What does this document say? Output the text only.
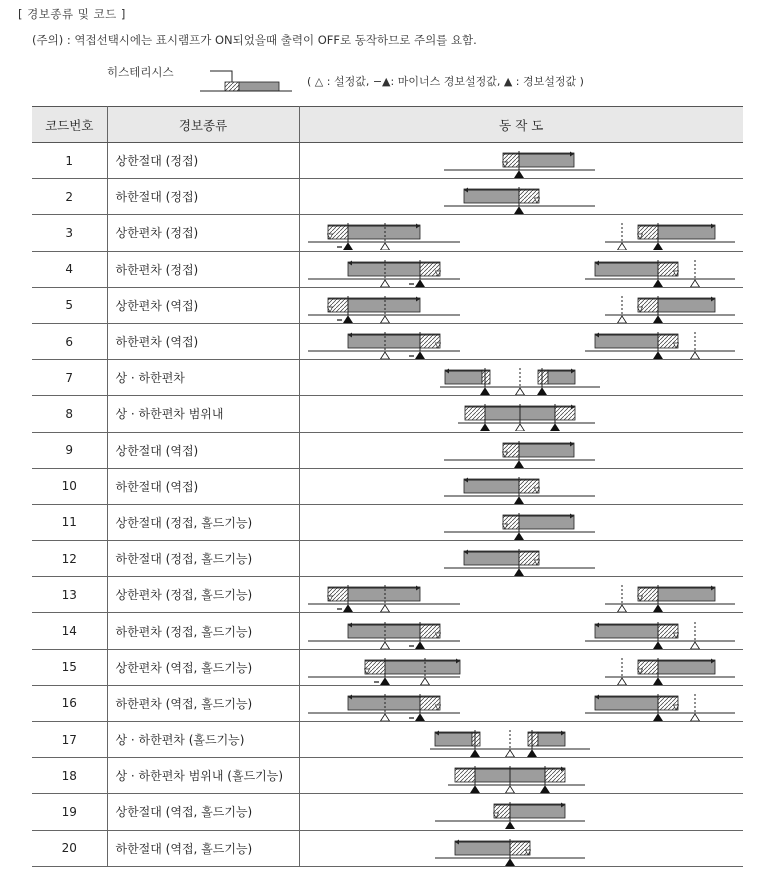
[ 경보종류 및 코드 ]
(주의) : 역접선택시에는 표시램프가 ON되었을때 출력이 OFF로 동작하므로 주의를 요함.
히스테리시스
( △ : 설정값, −▲: 마이너스 경보설정값, ▲ : 경보설정값 )
코드번호	경보종류	동 작 도
1	상한절대 (정접)	

2	하한절대 (정접)	

3	상한편차 (정접)	

4	하한편차 (정접)	

5	상한편차 (역접)	

6	하한편차 (역접)	

7	상 · 하한편차	

8	상 · 하한편차 범위내	

9	상한절대 (역접)	

10	하한절대 (역접)	

11	상한절대 (정접, 홀드기능)	

12	하한절대 (정접, 홀드기능)	

13	상한편차 (정접, 홀드기능)	

14	하한편차 (정접, 홀드기능)	

15	상한편차 (역접, 홀드기능)	

16	하한편차 (역접, 홀드기능)	

17	상 · 하한편차 (홀드기능)	

18	상 · 하한편차 범위내 (홀드기능)	

19	상한절대 (역접, 홀드기능)	

20	하한절대 (역접, 홀드기능)	
